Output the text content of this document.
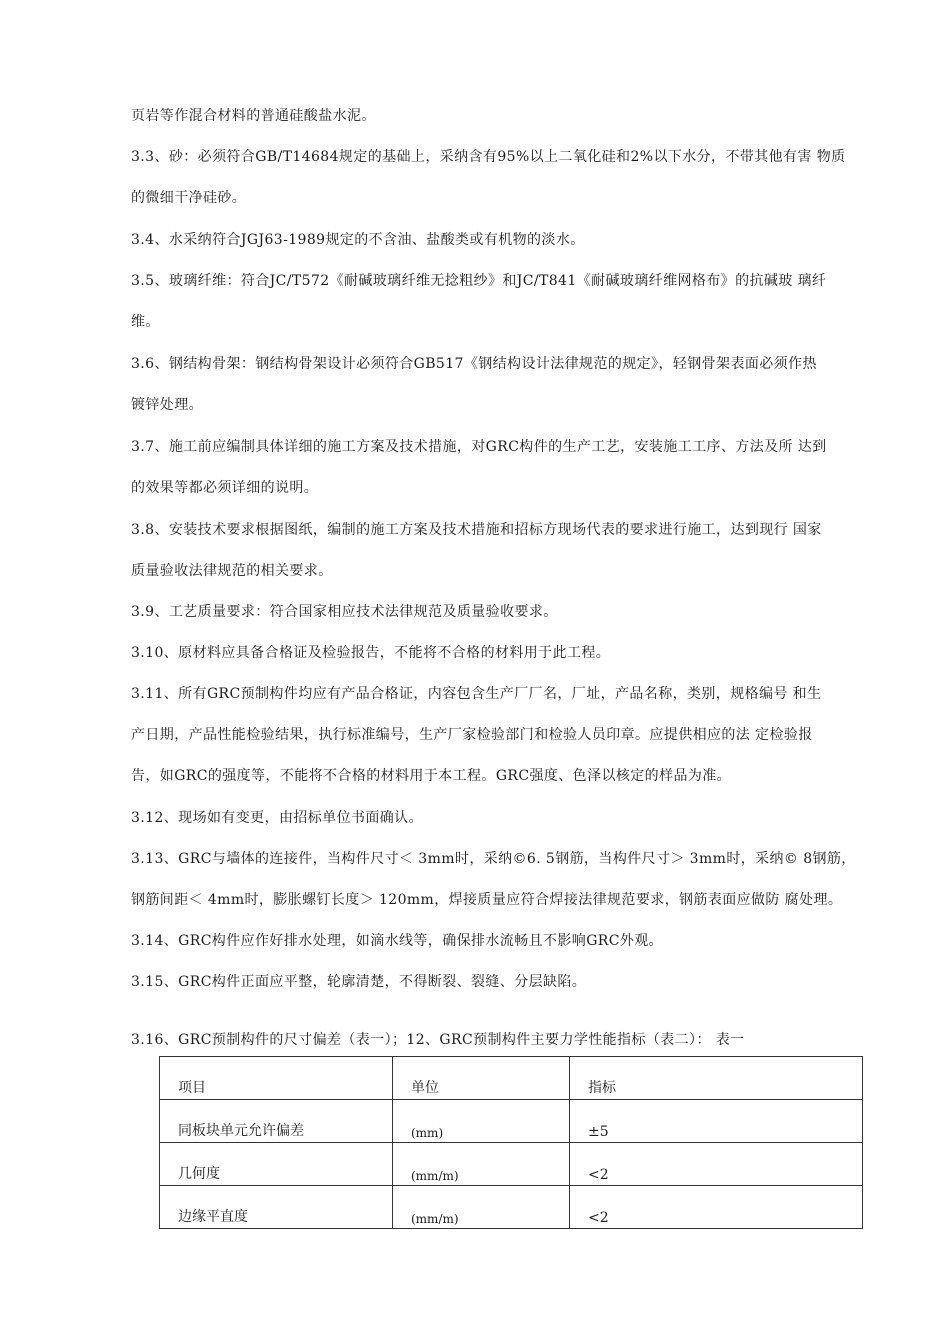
页岩等作混合材料的普通硅酸盐水泥。
3.3、砂：必须符合GB/T14684规定的基础上，采纳含有95%以上二氧化硅和2%以下水分，不带其他有害 物质
的微细干净硅砂。
3.4、水采纳符合JGJ63-1989规定的不含油、盐酸类或有机物的淡水。
3.5、玻璃纤维：符合JC/T572《耐碱玻璃纤维无捻粗纱》和JC/T841《耐碱玻璃纤维网格布》的抗碱玻 璃纤
维。
3.6、钢结构骨架：钢结构骨架设计必须符合GB517《钢结构设计法律规范的规定》，轻钢骨架表面必须作热
镀锌处理。
3.7、施工前应编制具体详细的施工方案及技术措施，对GRC构件的生产工艺，安装施工工序、方法及所 达到
的效果等都必须详细的说明。
3.8、安装技术要求根据图纸，编制的施工方案及技术措施和招标方现场代表的要求进行施工，达到现行 国家
质量验收法律规范的相关要求。
3.9、工艺质量要求：符合国家相应技术法律规范及质量验收要求。
3.10、原材料应具备合格证及检验报告，不能将不合格的材料用于此工程。
3.11、所有GRC预制构件均应有产品合格证，内容包含生产厂厂名，厂址，产品名称，类别，规格编号 和生
产日期，产品性能检验结果，执行标准编号，生产厂家检验部门和检验人员印章。应提供相应的法 定检验报
告，如GRC的强度等，不能将不合格的材料用于本工程。GRC强度、色泽以核定的样品为准。
3.12、现场如有变更，由招标单位书面确认。
3.13、GRC与墙体的连接件，当构件尺寸＜ 3mm时，采纳©6. 5钢筋，当构件尺寸＞ 3mm时，采纳© 8钢筋，
钢筋间距＜ 4mm时，膨胀螺钉长度＞ 120mm，焊接质量应符合焊接法律规范要求，钢筋表面应做防 腐处理。
3.14、GRC构件应作好排水处理，如滴水线等，确保排水流畅且不影响GRC外观。
3.15、GRC构件正面应平整，轮廓清楚，不得断裂、裂缝、分层缺陷。
3.16、GRC预制构件的尺寸偏差（表一）；12、GRC预制构件主要力学性能指标（表二）： 表一
项目	单位	指标
同板块单元允许偏差	(mm)	±5
几何度	(mm/m)	<2
边缘平直度	(mm/m)	<2
